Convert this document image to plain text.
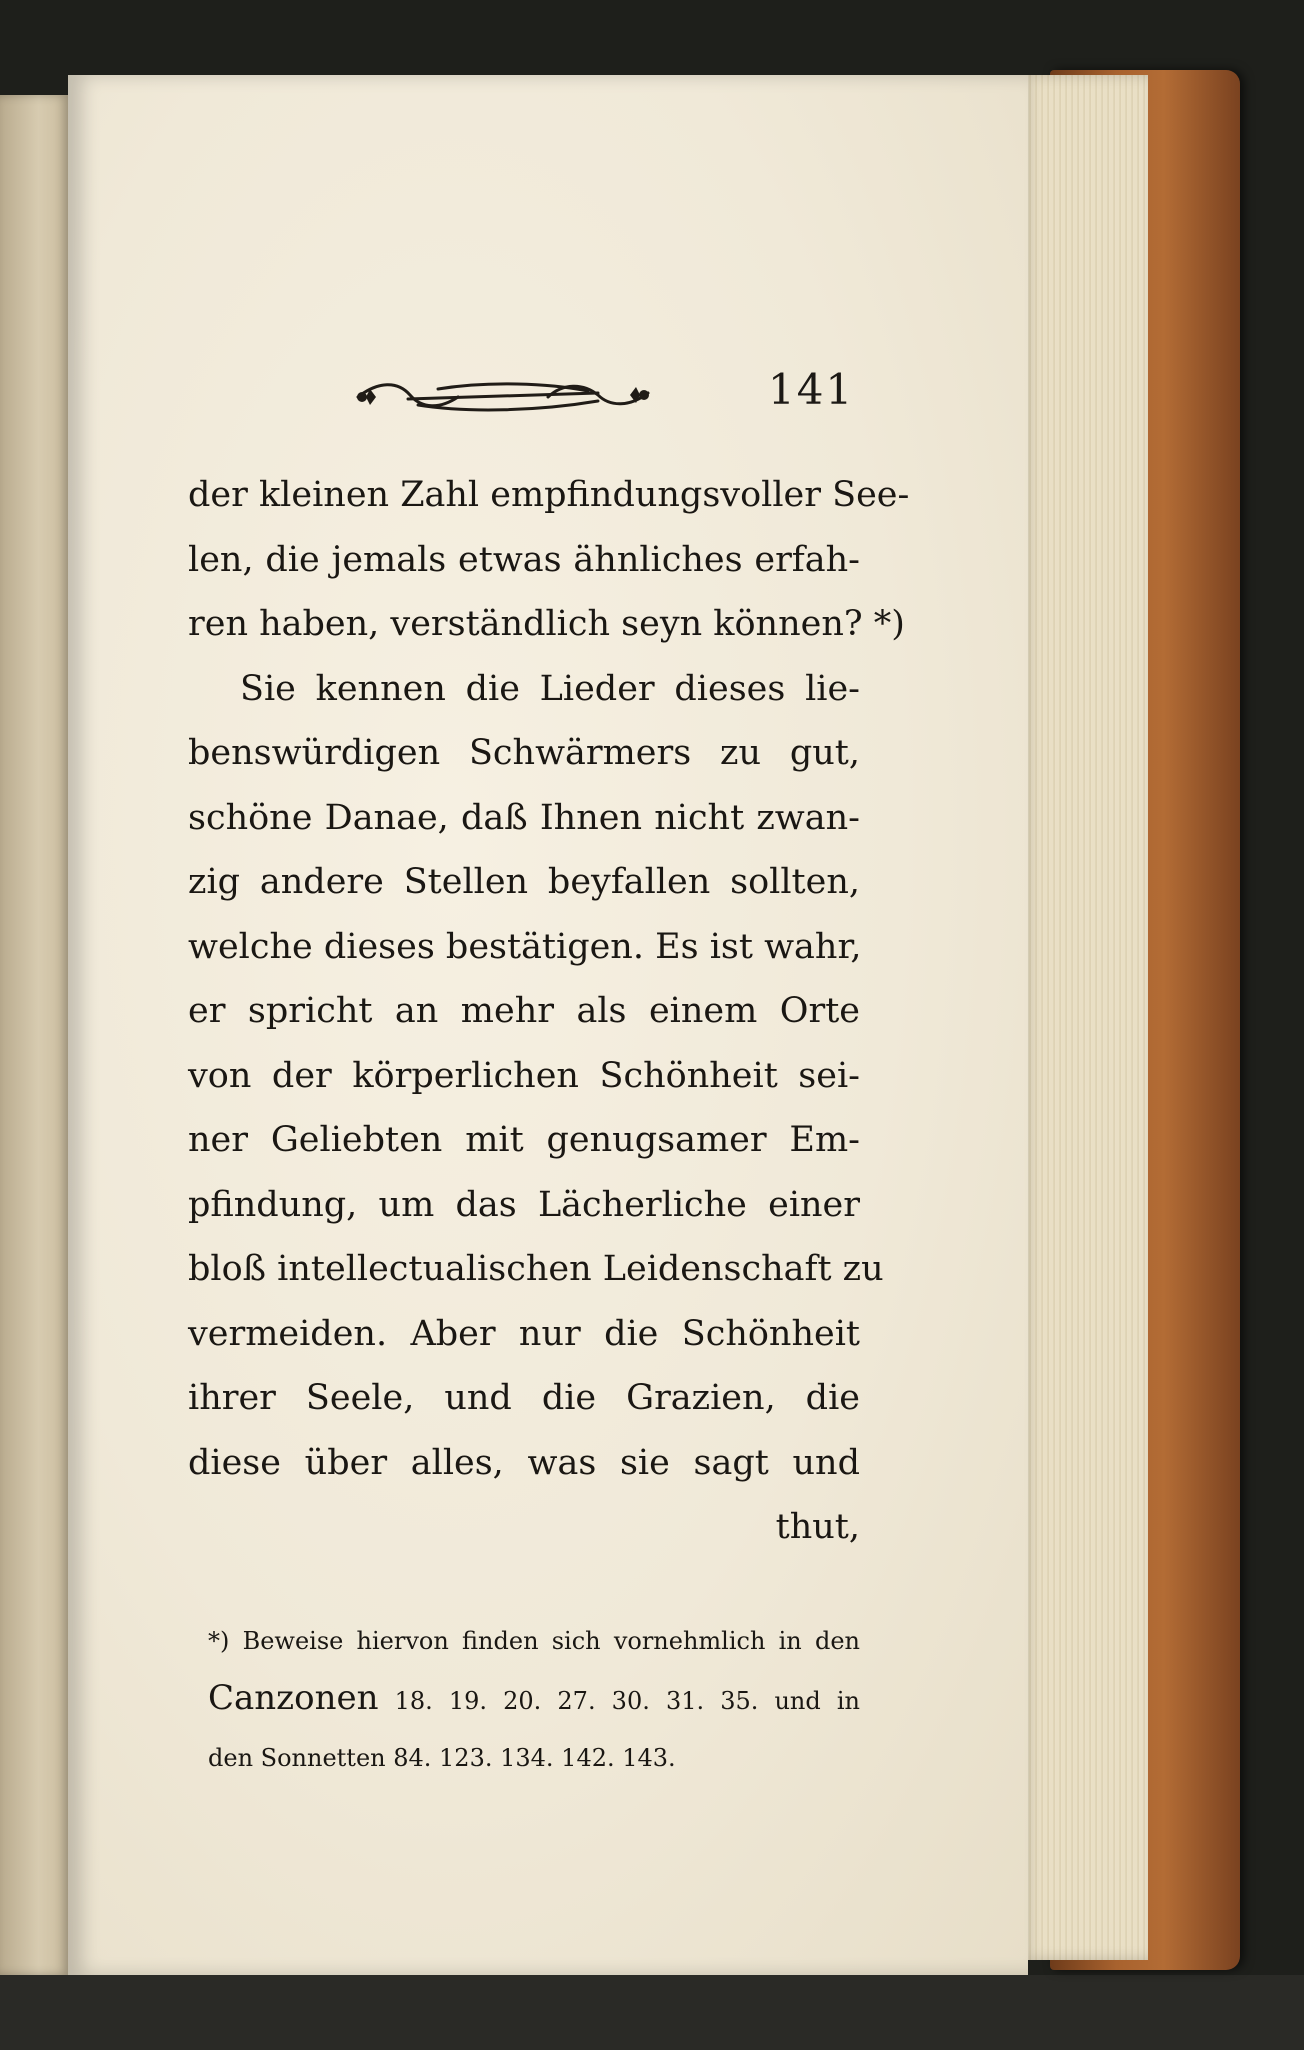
141
der kleinen Zahl empfindungsvoller See-
len, die jemals etwas ähnliches erfah-
ren haben, verständlich seyn können? *)
Sie kennen die Lieder dieses lie-
benswürdigen Schwärmers zu gut,
schöne Danae, daß Ihnen nicht zwan-
zig andere Stellen beyfallen sollten,
welche dieses bestätigen. Es ist wahr,
er spricht an mehr als einem Orte
von der körperlichen Schönheit sei-
ner Geliebten mit genugsamer Em-
pfindung, um das Lächerliche einer
bloß intellectualischen Leidenschaft zu
vermeiden. Aber nur die Schönheit
ihrer Seele, und die Grazien, die
diese über alles, was sie sagt und
thut,
*) Beweise hiervon finden sich vornehmlich in den
Canzonen 18. 19. 20. 27. 30. 31. 35. und in
den Sonnetten 84. 123. 134. 142. 143.
